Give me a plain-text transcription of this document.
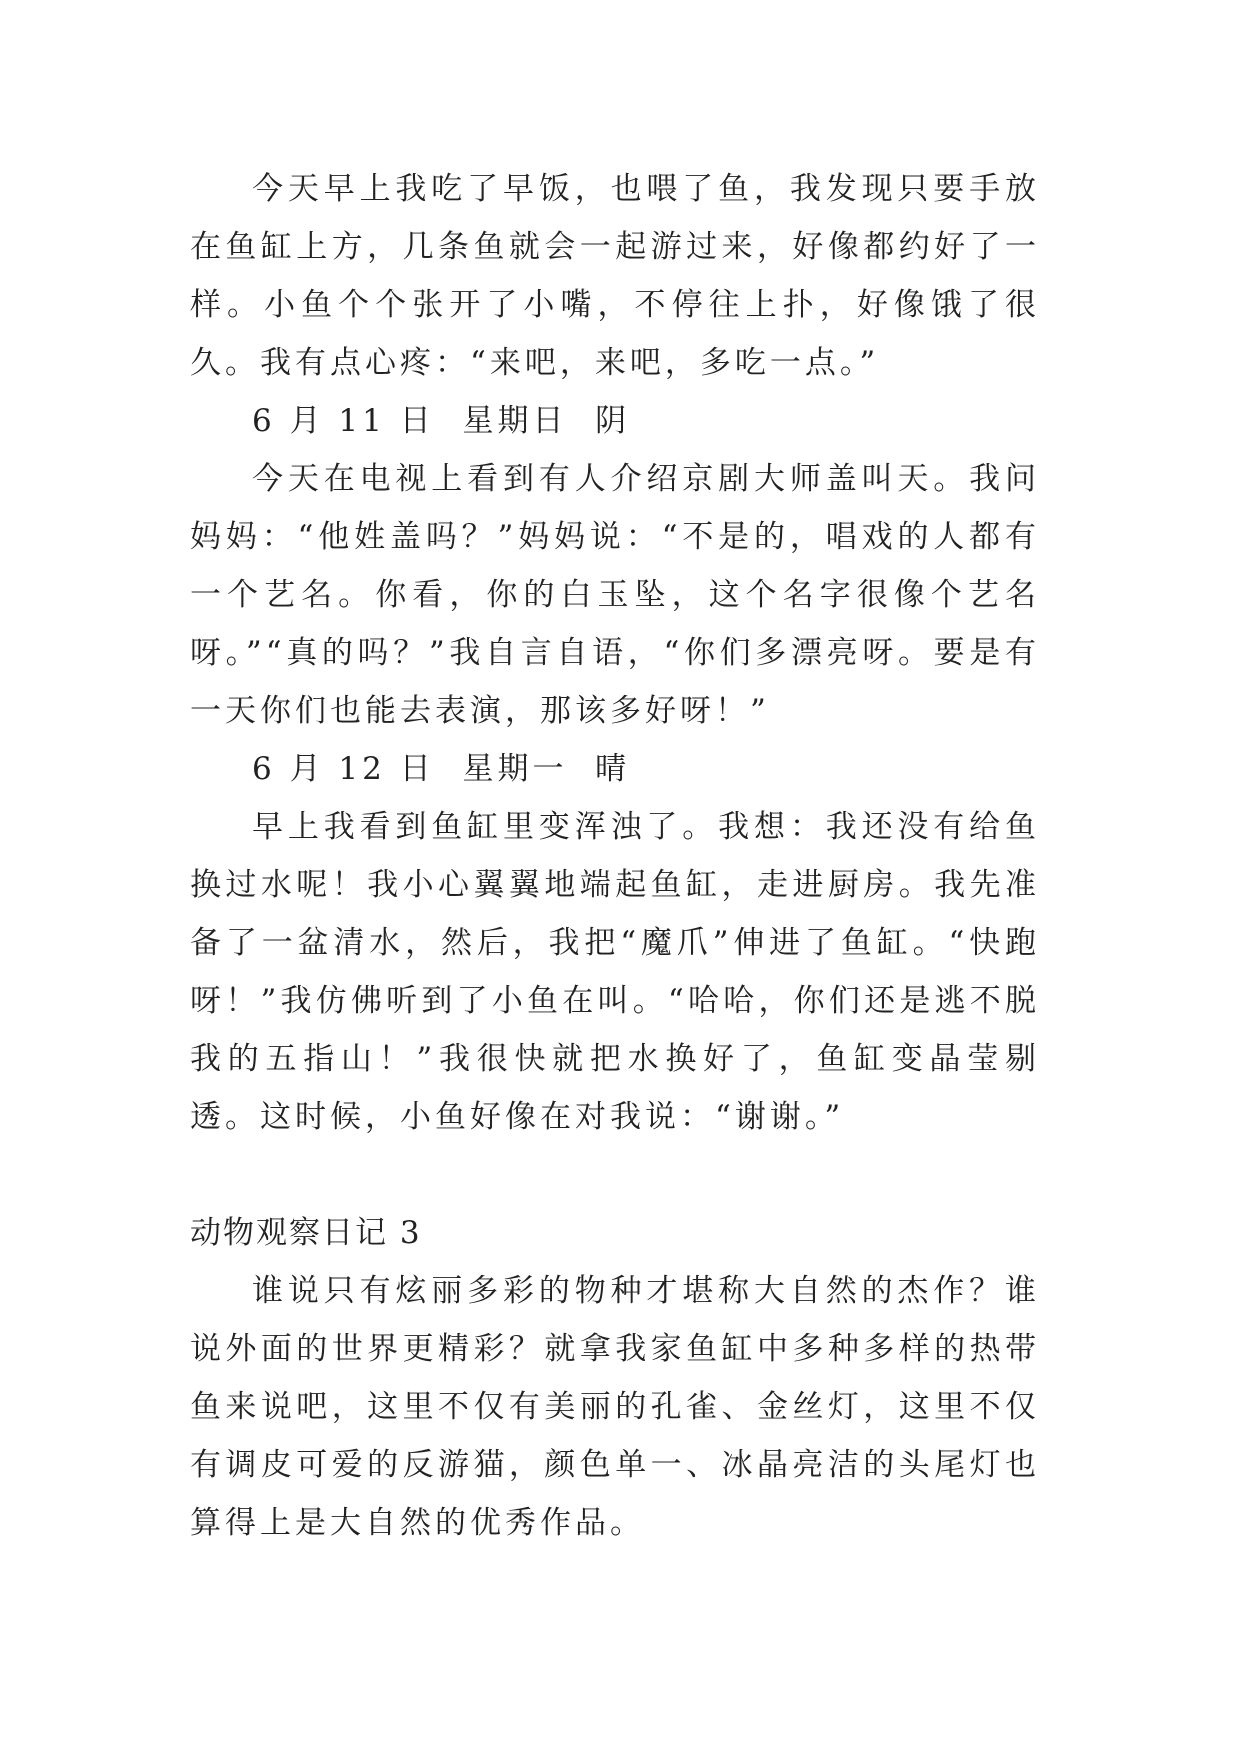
今天早上我吃了早饭，也喂了鱼，我发现只要手放在鱼缸上方，几条鱼就会一起游过来，好像都约好了一样。小鱼个个张开了小嘴，不停往上扑，好像饿了很久。我有点心疼：“来吧，来吧，多吃一点。”

6 月 11 日  星期日  阴

今天在电视上看到有人介绍京剧大师盖叫天。我问妈妈：“他姓盖吗？”妈妈说：“不是的，唱戏的人都有一个艺名。你看，你的白玉坠，这个名字很像个艺名呀。”“真的吗？”我自言自语，“你们多漂亮呀。要是有一天你们也能去表演，那该多好呀！”

6 月 12 日  星期一  晴

早上我看到鱼缸里变浑浊了。我想：我还没有给鱼换过水呢！我小心翼翼地端起鱼缸，走进厨房。我先准备了一盆清水，然后，我把“魔爪”伸进了鱼缸。“快跑呀！”我仿佛听到了小鱼在叫。“哈哈，你们还是逃不脱我的五指山！”我很快就把水换好了，鱼缸变晶莹剔透。这时候，小鱼好像在对我说：“谢谢。”

动物观察日记 3

谁说只有炫丽多彩的物种才堪称大自然的杰作？谁说外面的世界更精彩？就拿我家鱼缸中多种多样的热带鱼来说吧，这里不仅有美丽的孔雀、金丝灯，这里不仅有调皮可爱的反游猫，颜色单一、冰晶亮洁的头尾灯也算得上是大自然的优秀作品。
